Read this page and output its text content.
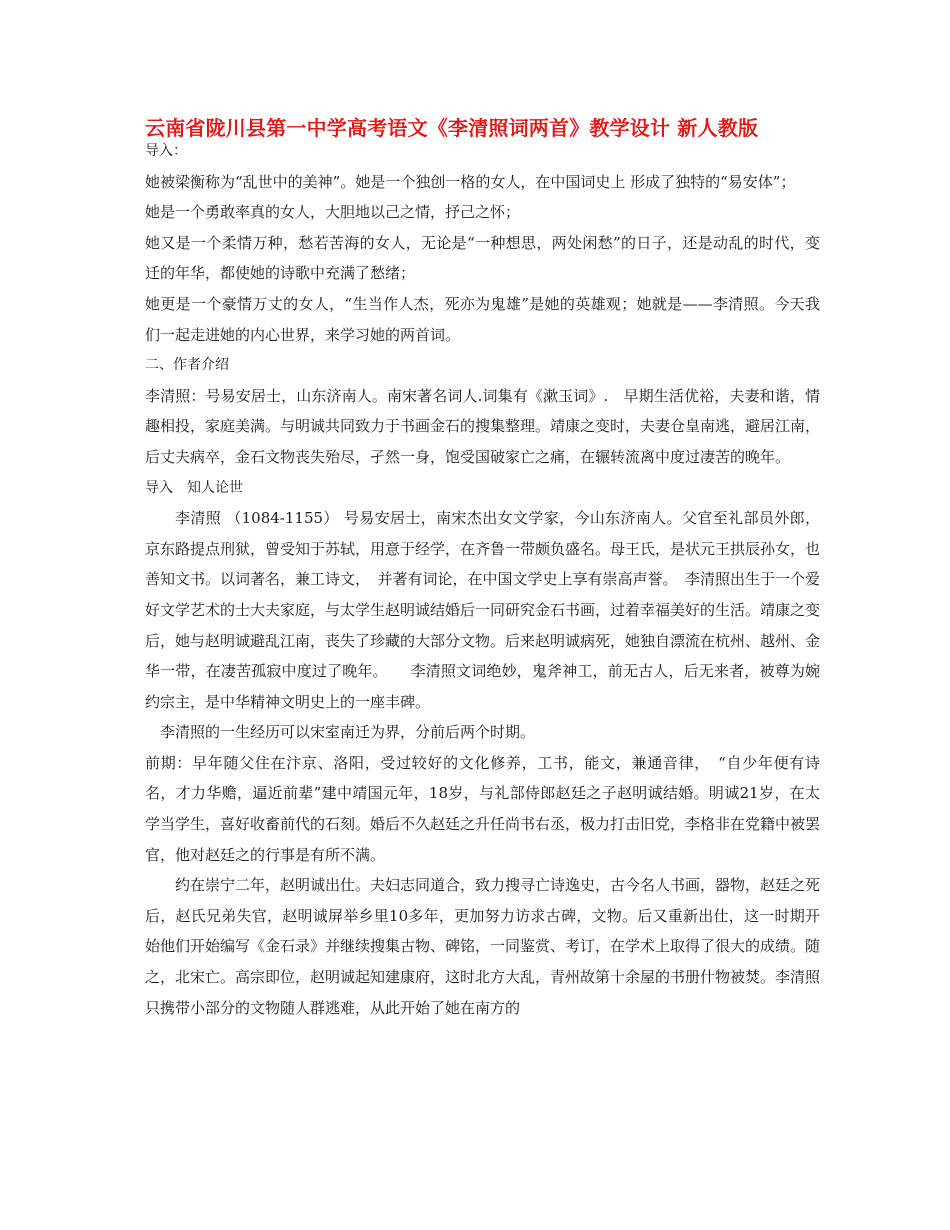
云南省陇川县第一中学高考语文《李清照词两首》教学设计 新人教版

导入：

她被梁衡称为“乱世中的美神”。她是一个独创一格的女人，在中国词史上 形成了独特的“易安体”；

她是一个勇敢率真的女人，大胆地以己之情，抒己之怀；

她又是一个柔情万种，愁若苦海的女人，无论是“一种想思，两处闲愁”的日子，还是动乱的时代，变迁的年华，都使她的诗歌中充满了愁绪；

她更是一个豪情万丈的女人，“生当作人杰，死亦为鬼雄”是她的英雄观；她就是——李清照。今天我们一起走进她的内心世界，来学习她的两首词。

二、作者介绍

李清照：号易安居士，山东济南人。南宋著名词人.词集有《漱玉词》.　早期生活优裕，夫妻和谐，情趣相投，家庭美满。与明诚共同致力于书画金石的搜集整理。靖康之变时，夫妻仓皇南逃，避居江南，后丈夫病卒，金石文物丧失殆尽，孑然一身，饱受国破家亡之痛，在辗转流离中度过凄苦的晚年。

导入　知人论世

李清照 （1084-1155） 号易安居士，南宋杰出女文学家，今山东济南人。父官至礼部员外郎，京东路提点刑狱，曾受知于苏轼，用意于经学，在齐鲁一带颇负盛名。母王氏，是状元王拱辰孙女，也善知文书。以词著名，兼工诗文，　并著有词论，在中国文学史上享有崇高声誉。　李清照出生于一个爱好文学艺术的士大夫家庭，与太学生赵明诚结婚后一同研究金石书画，过着幸福美好的生活。靖康之变后，她与赵明诚避乱江南，丧失了珍藏的大部分文物。后来赵明诚病死，她独自漂流在杭州、越州、金华一带，在凄苦孤寂中度过了晚年。　　李清照文词绝妙，鬼斧神工，前无古人，后无来者，被尊为婉约宗主，是中华精神文明史上的一座丰碑。

李清照的一生经历可以宋室南迁为界，分前后两个时期。

前期：早年随父住在汴京、洛阳，受过较好的文化修养，工书，能文，兼通音律，　“自少年便有诗名，才力华赡，逼近前辈”建中靖国元年，18岁，与礼部侍郎赵廷之子赵明诚结婚。明诚21岁，在太学当学生，喜好收畜前代的石刻。婚后不久赵廷之升任尚书右丞，极力打击旧党，李格非在党籍中被罢官，他对赵廷之的行事是有所不满。

约在崇宁二年，赵明诚出仕。夫妇志同道合，致力搜寻亡诗逸史，古今名人书画，器物，赵廷之死后，赵氏兄弟失官，赵明诚屏举乡里10多年，更加努力访求古碑，文物。后又重新出仕，这一时期开始他们开始编写《金石录》并继续搜集古物、碑铭，一同鉴赏、考订，在学术上取得了很大的成绩。随之，北宋亡。高宗即位，赵明诚起知建康府，这时北方大乱，青州故第十余屋的书册什物被焚。李清照只携带小部分的文物随人群逃难，从此开始了她在南方的
